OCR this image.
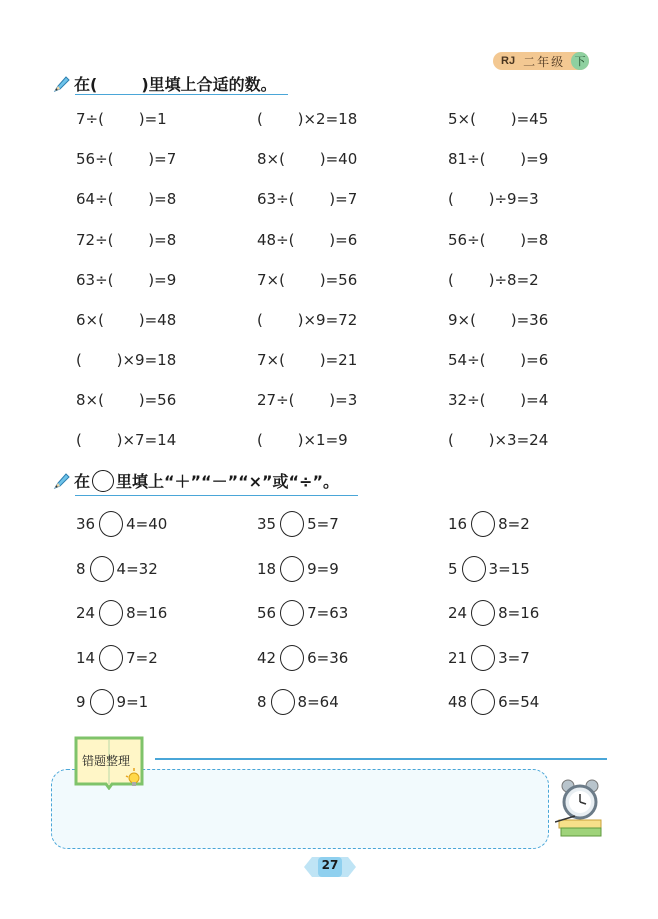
RJ 二年级 下
在(	)里填上合适的数。
7÷(　　 )=1
56÷(　　 )=7
64÷(　　 )=8
72÷(　　 )=8
63÷(　　 )=9
6×(　　 )=48
(　　 )×9=18
8×(　　 )=56
(　　 )×7=14
(　　 )×2=18
8×(　　 )=40
63÷(　　 )=7
48÷(　　 )=6
7×(　　 )=56
(　　 )×9=72
7×(　　 )=21
27÷(　　 )=3
(　　 )×1=9
5×(　　 )=45
81÷(　　 )=9
(　　 )÷9=3
56÷(　　 )=8
(　　 )÷8=2
9×(　　 )=36
54÷(　　 )=6
32÷(　　 )=4
(　　 )×3=24
在 里填上“＋”“－”“×”或“÷”。
36 4=40
8 4=32
24 8=16
14 7=2
9 9=1
35 5=7
18 9=9
56 7=63
42 6=36
8 8=64
16 8=2
5 3=15
24 8=16
21 3=7
48 6=54
错题整理
27
